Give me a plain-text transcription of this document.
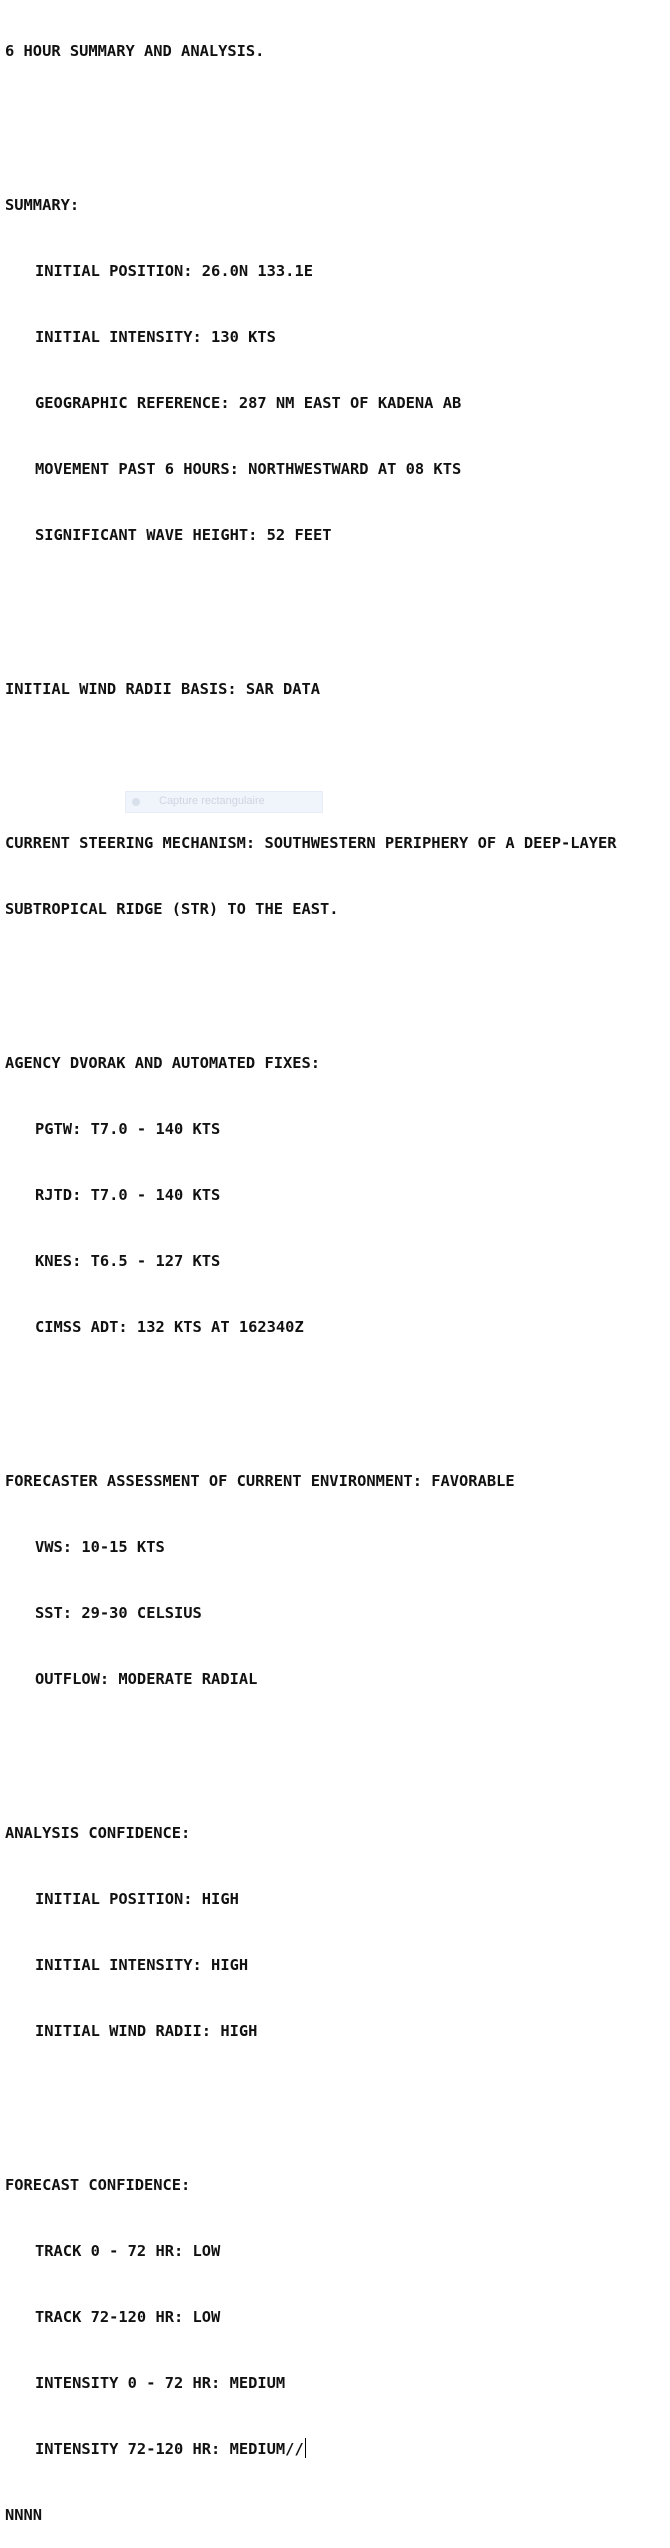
6 HOUR SUMMARY AND ANALYSIS.

SUMMARY:

INITIAL POSITION: 26.0N 133.1E

INITIAL INTENSITY: 130 KTS

GEOGRAPHIC REFERENCE: 287 NM EAST OF KADENA AB

MOVEMENT PAST 6 HOURS: NORTHWESTWARD AT 08 KTS

SIGNIFICANT WAVE HEIGHT: 52 FEET

INITIAL WIND RADII BASIS: SAR DATA

CURRENT STEERING MECHANISM: SOUTHWESTERN PERIPHERY OF A DEEP-LAYER

SUBTROPICAL RIDGE (STR) TO THE EAST.

AGENCY DVORAK AND AUTOMATED FIXES:

PGTW: T7.0 - 140 KTS

RJTD: T7.0 - 140 KTS

KNES: T6.5 - 127 KTS

CIMSS ADT: 132 KTS AT 162340Z

FORECASTER ASSESSMENT OF CURRENT ENVIRONMENT: FAVORABLE

VWS: 10-15 KTS

SST: 29-30 CELSIUS

OUTFLOW: MODERATE RADIAL

ANALYSIS CONFIDENCE:

INITIAL POSITION: HIGH

INITIAL INTENSITY: HIGH

INITIAL WIND RADII: HIGH

FORECAST CONFIDENCE:

TRACK 0 - 72 HR: LOW

TRACK 72-120 HR: LOW

INTENSITY 0 - 72 HR: MEDIUM

INTENSITY 72-120 HR: MEDIUM//

NNNN

Capture rectangulaire
